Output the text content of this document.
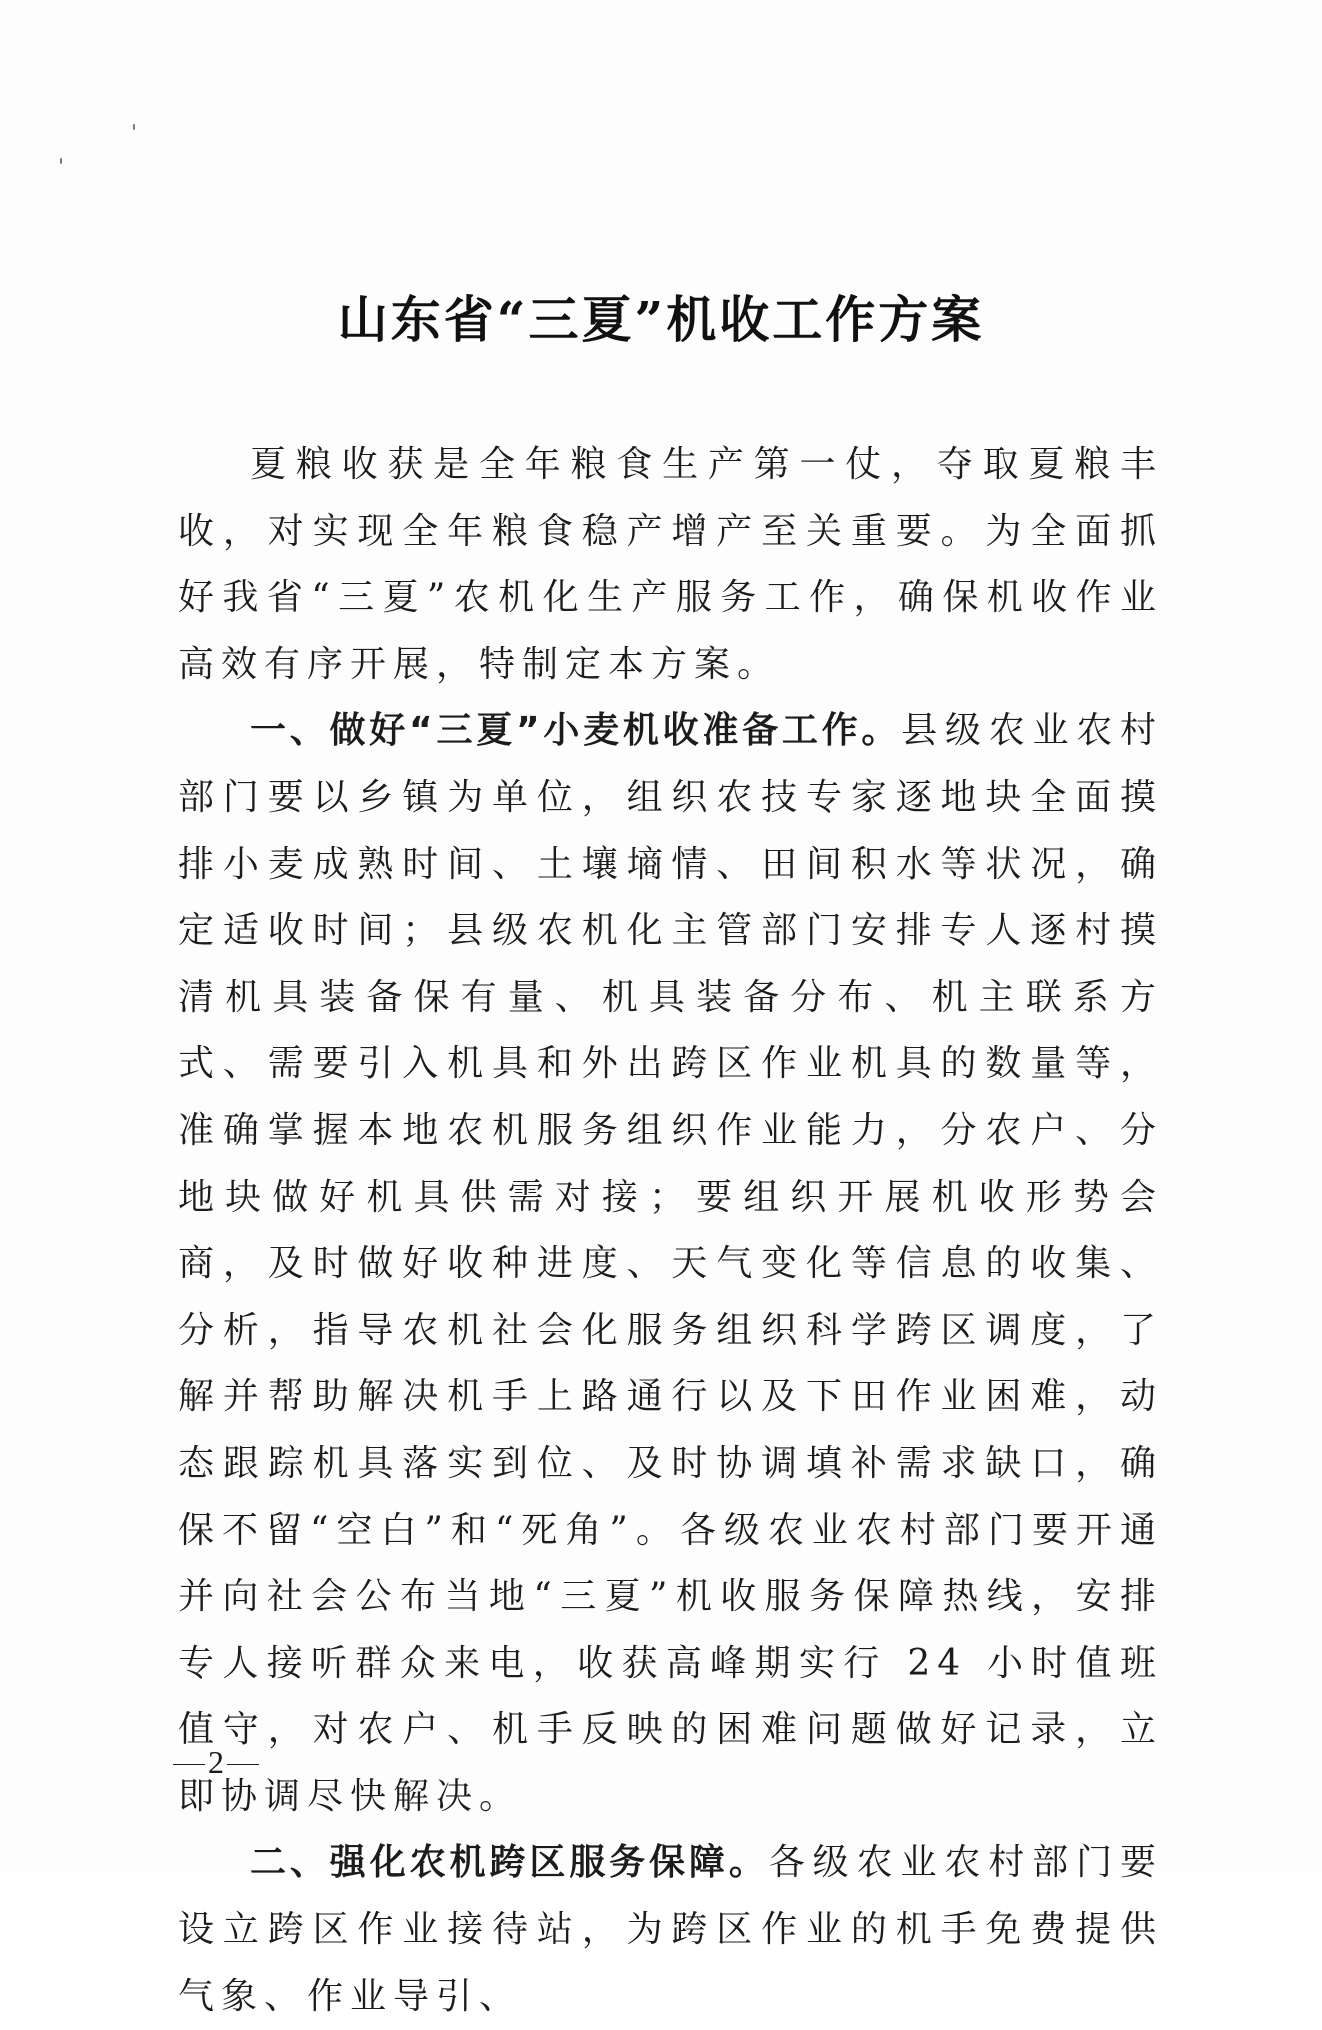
山东省“三夏”机收工作方案

夏粮收获是全年粮食生产第一仗，夺取夏粮丰收，对实现全年粮食稳产增产至关重要。为全面抓好我省“三夏”农机化生产服务工作，确保机收作业高效有序开展，特制定本方案。

一、做好“三夏”小麦机收准备工作。县级农业农村部门要以乡镇为单位，组织农技专家逐地块全面摸排小麦成熟时间、土壤墒情、田间积水等状况，确定适收时间；县级农机化主管部门安排专人逐村摸清机具装备保有量、机具装备分布、机主联系方式、需要引入机具和外出跨区作业机具的数量等，准确掌握本地农机服务组织作业能力，分农户、分地块做好机具供需对接；要组织开展机收形势会商，及时做好收种进度、天气变化等信息的收集、分析，指导农机社会化服务组织科学跨区调度，了解并帮助解决机手上路通行以及下田作业困难，动态跟踪机具落实到位、及时协调填补需求缺口，确保不留“空白”和“死角”。各级农业农村部门要开通并向社会公布当地“三夏”机收服务保障热线，安排专人接听群众来电，收获高峰期实行 24 小时值班值守，对农户、机手反映的困难问题做好记录，立即协调尽快解决。

二、强化农机跨区服务保障。各级农业农村部门要设立跨区作业接待站，为跨区作业的机手免费提供气象、作业导引、

2
